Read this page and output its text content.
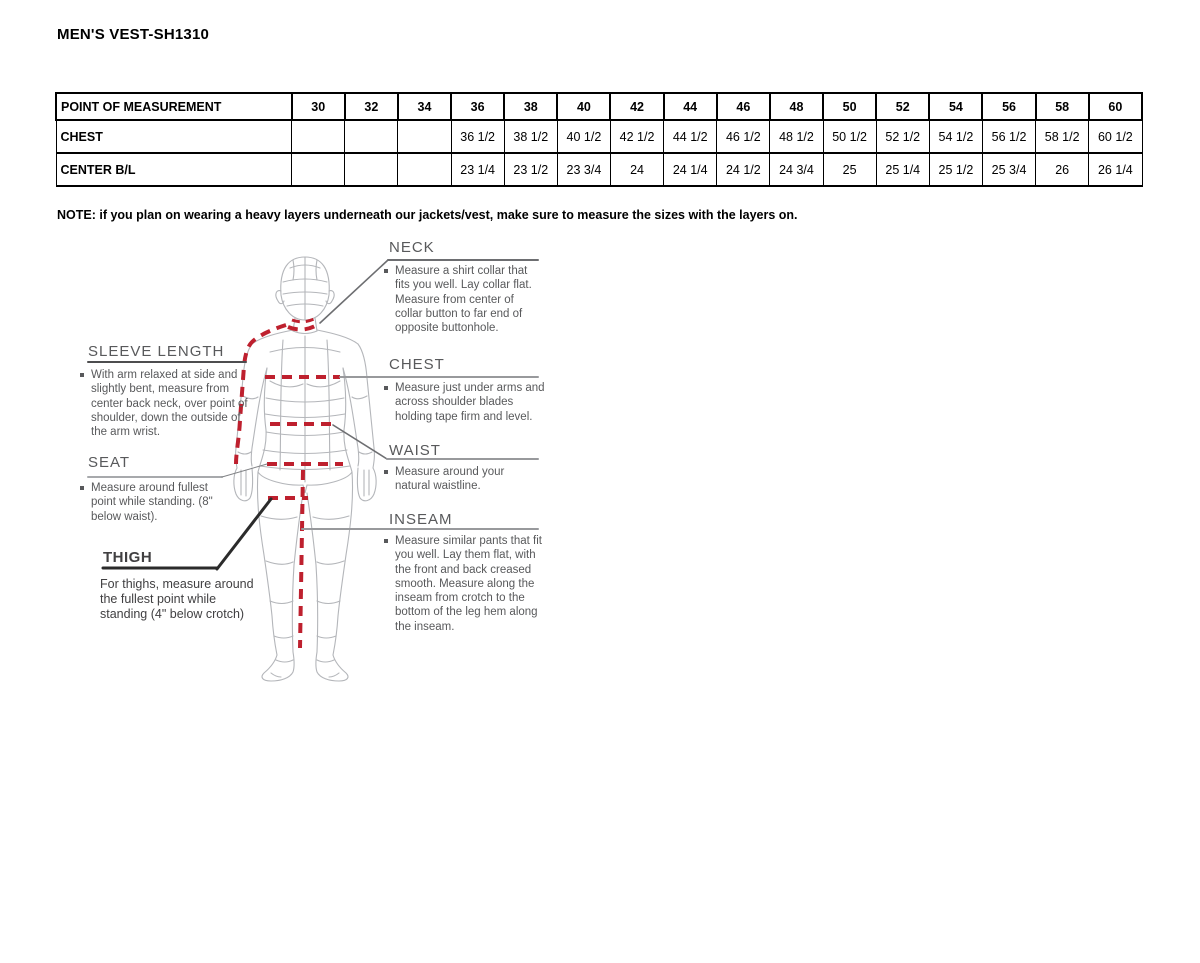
MEN'S VEST-SH1310
POINT OF MEASUREMENT	30	32	34	36	38	40	42	44	46	48	50	52	54	56	58	60
CHEST				36 1/2	38 1/2	40 1/2	42 1/2	44 1/2	46 1/2	48 1/2	50 1/2	52 1/2	54 1/2	56 1/2	58 1/2	60 1/2
CENTER B/L				23 1/4	23 1/2	23 3/4	24	24 1/4	24 1/2	24 3/4	25	25 1/4	25 1/2	25 3/4	26	26 1/4
NOTE: if you plan on wearing a heavy layers underneath our jackets/vest, make sure to measure the sizes with the layers on.
NECK
Measure a shirt collar that fits you well. Lay collar flat. Measure from center of collar button to far end of opposite buttonhole.
CHEST
Measure just under arms and across shoulder blades holding tape firm and level.
WAIST
Measure around your natural waistline.
INSEAM
Measure similar pants that fit you well. Lay them flat, with the front and back creased smooth. Measure along the inseam from crotch to the bottom of the leg hem along the inseam.
SLEEVE LENGTH
With arm relaxed at side and slightly bent, measure from center back neck, over point of shoulder, down the outside of the arm wrist.
SEAT
Measure around fullest point while standing. (8" below waist).
THIGH
For thighs, measure around the fullest point while standing (4" below crotch)
